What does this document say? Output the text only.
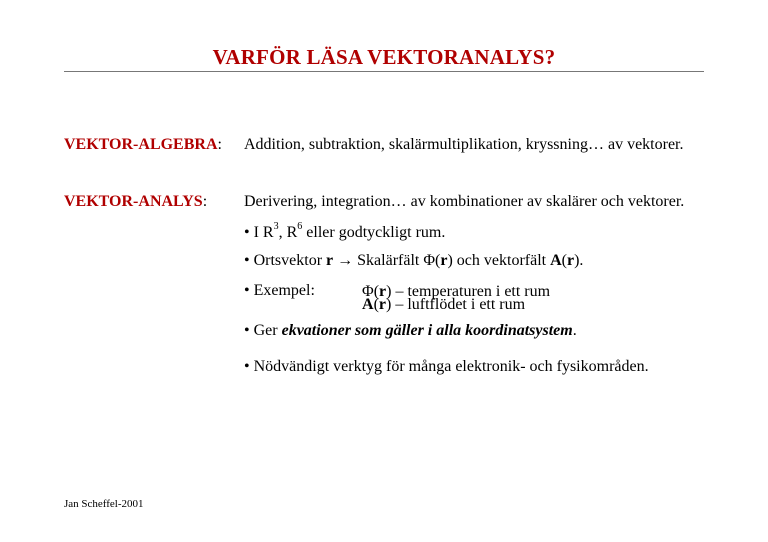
VARFÖR LÄSA VEKTORANALYS?
VEKTOR-ALGEBRA: Addition, subtraktion, skalärmultiplikation, kryssning… av vektorer.
VEKTOR-ANALYS: Derivering, integration… av kombinationer av skalärer och vektorer.
• I $R^3$, $R^6$ eller godtyckligt rum.
• Ortsvektor r → Skalärfält Φ(r) och vektorfält A(r).
• Exempel:	Φ(r) – temperaturen i ett rum
A(r) – luftflödet i ett rum
• Ger ekvationer som gäller i alla koordinatsystem.
• Nödvändigt verktyg för många elektronik- och fysikområden.
Jan Scheffel-2001
